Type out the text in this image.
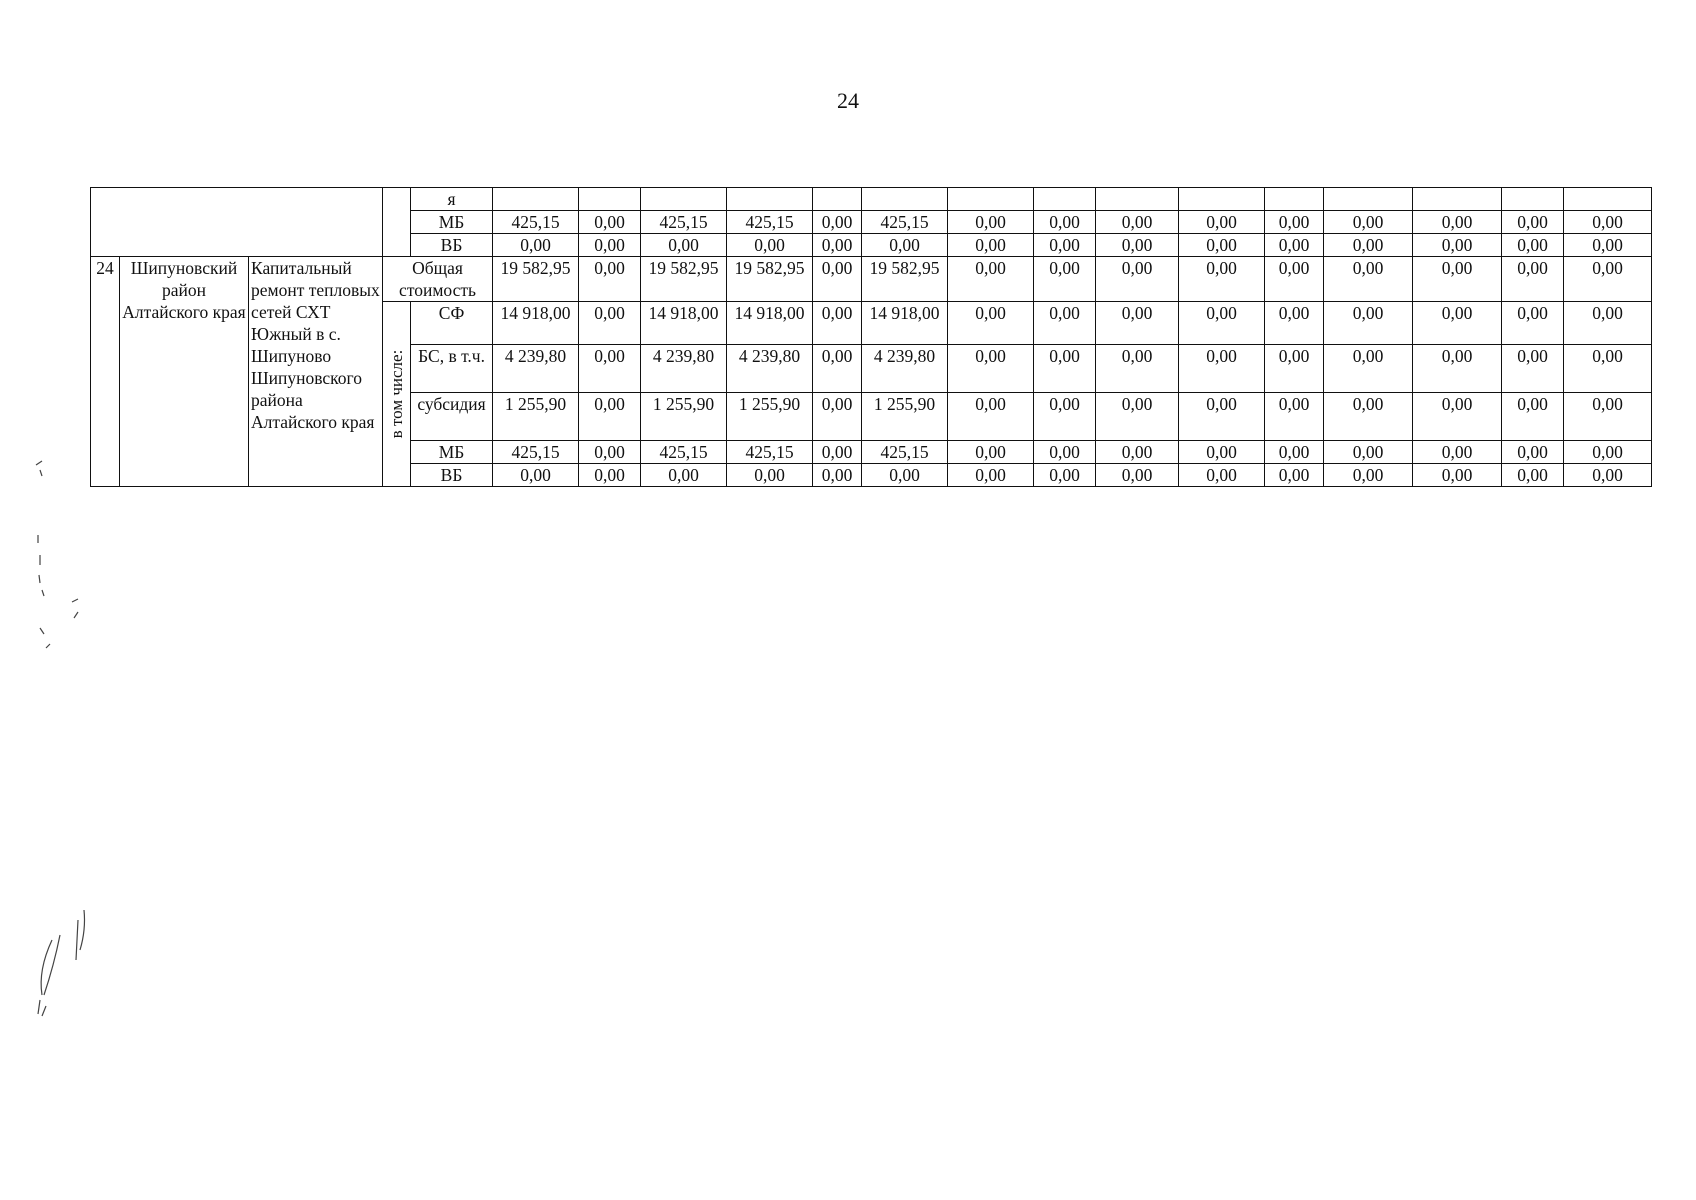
24
				я															
				МБ	425,15	0,00	425,15	425,15	0,00	425,15	0,00	0,00	0,00	0,00	0,00	0,00	0,00	0,00	0,00
				ВБ	0,00	0,00	0,00	0,00	0,00	0,00	0,00	0,00	0,00	0,00	0,00	0,00	0,00	0,00	0,00
24	Шипуновский район Алтайского края	Капитальный ремонт тепловых сетей СХТ Южный в с. Шипуново Шипуновского района Алтайского края	Общая стоимость		19 582,95	0,00	19 582,95	19 582,95	0,00	19 582,95	0,00	0,00	0,00	0,00	0,00	0,00	0,00	0,00	0,00

			в том числе:	СФ	14 918,00	0,00	14 918,00	14 918,00	0,00	14 918,00	0,00	0,00	0,00	0,00	0,00	0,00	0,00	0,00	0,00
				БС, в т.ч.	4 239,80	0,00	4 239,80	4 239,80	0,00	4 239,80	0,00	0,00	0,00	0,00	0,00	0,00	0,00	0,00	0,00
				субсидия	1 255,90	0,00	1 255,90	1 255,90	0,00	1 255,90	0,00	0,00	0,00	0,00	0,00	0,00	0,00	0,00	0,00
				МБ	425,15	0,00	425,15	425,15	0,00	425,15	0,00	0,00	0,00	0,00	0,00	0,00	0,00	0,00	0,00
				ВБ	0,00	0,00	0,00	0,00	0,00	0,00	0,00	0,00	0,00	0,00	0,00	0,00	0,00	0,00	0,00
